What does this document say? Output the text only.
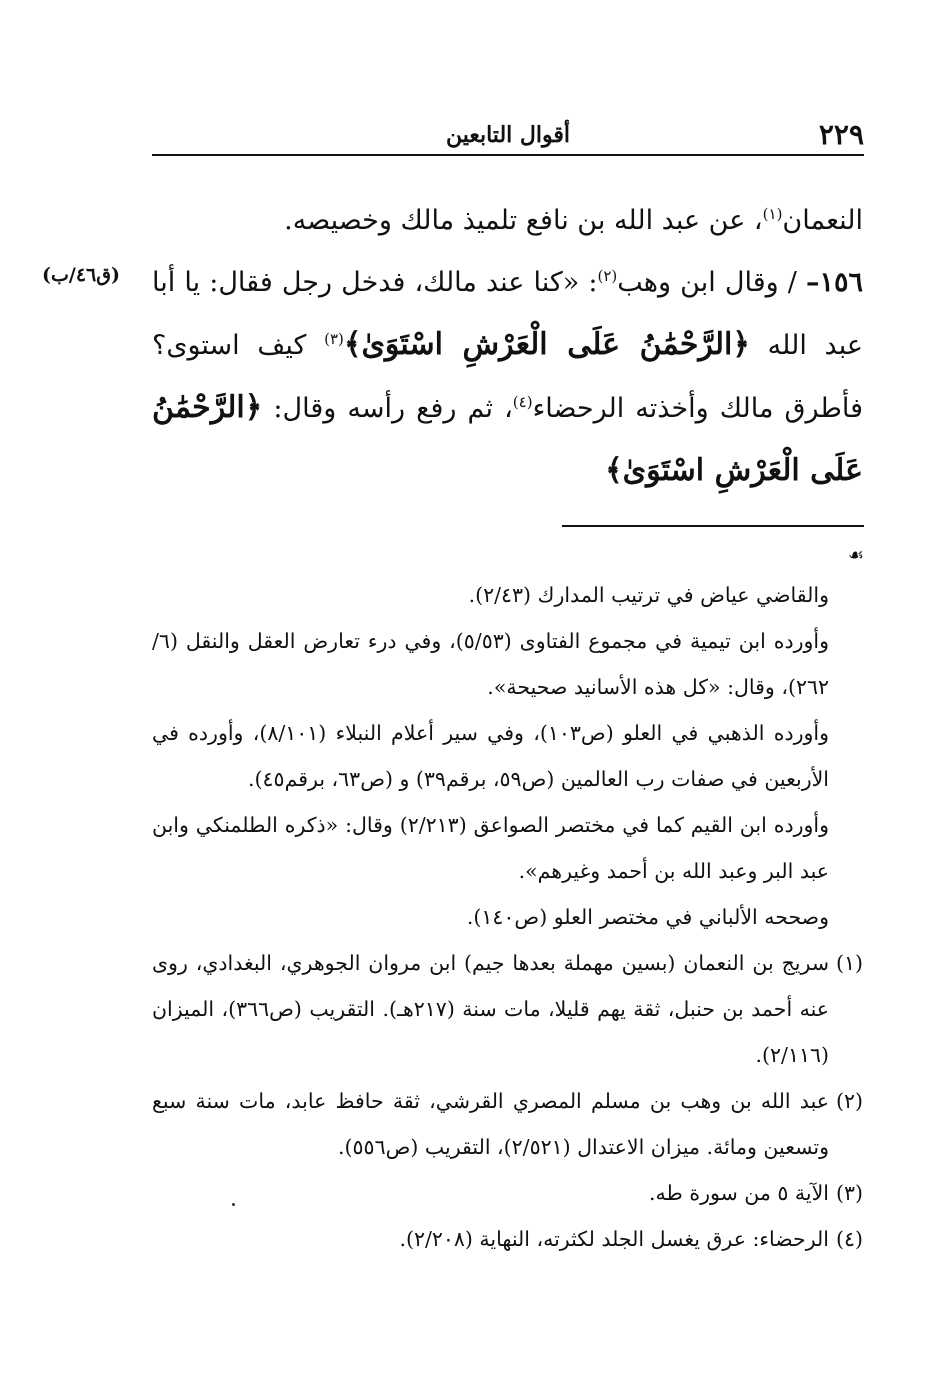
٢٢٩
أقوال التابعين

النعمان$^{(١)}$، عن عبد الله بن نافع تلميذ مالك وخصيصه.

١٥٦– / وقال ابن وهب$^{(٢)}$: «كنا عند مالك، فدخل رجل فقال: يا أبا عبد الله ﴿الرَّحْمَٰنُ عَلَى الْعَرْشِ اسْتَوَىٰ﴾$^{(٣)}$ كيف استوى؟ فأطرق مالك وأخذته الرحضاء$^{(٤)}$، ثم رفع رأسه وقال: ﴿الرَّحْمَٰنُ عَلَى الْعَرْشِ اسْتَوَىٰ﴾

(ق٤٦/ب)
☙

والقاضي عياض في ترتيب المدارك (٢/٤٣).

وأورده ابن تيمية في مجموع الفتاوى (٥/٥٣)، وفي درء تعارض العقل والنقل (٦/ ٢٦٢)، وقال: «كل هذه الأسانيد صحيحة».

وأورده الذهبي في العلو (ص١٠٣)، وفي سير أعلام النبلاء (٨/١٠١)، وأورده في الأربعين في صفات رب العالمين (ص٥٩، برقم٣٩) و (ص٦٣، برقم٤٥).

وأورده ابن القيم كما في مختصر الصواعق (٢/٢١٣) وقال: «ذكره الطلمنكي وابن عبد البر وعبد الله بن أحمد وغيرهم».

وصححه الألباني في مختصر العلو (ص١٤٠).

(١)
سريج بن النعمان (بسين مهملة بعدها جيم) ابن مروان الجوهري، البغدادي، روى عنه أحمد بن حنبل، ثقة يهم قليلا، مات سنة (٢١٧هـ). التقريب (ص٣٦٦)، الميزان (٢/١١٦).

(٢)
عبد الله بن وهب بن مسلم المصري القرشي، ثقة حافظ عابد، مات سنة سبع وتسعين ومائة. ميزان الاعتدال (٢/٥٢١)، التقريب (ص٥٥٦).

(٣)
الآية ٥ من سورة طه.

(٤)
الرحضاء: عرق يغسل الجلد لكثرته، النهاية (٢/٢٠٨).
